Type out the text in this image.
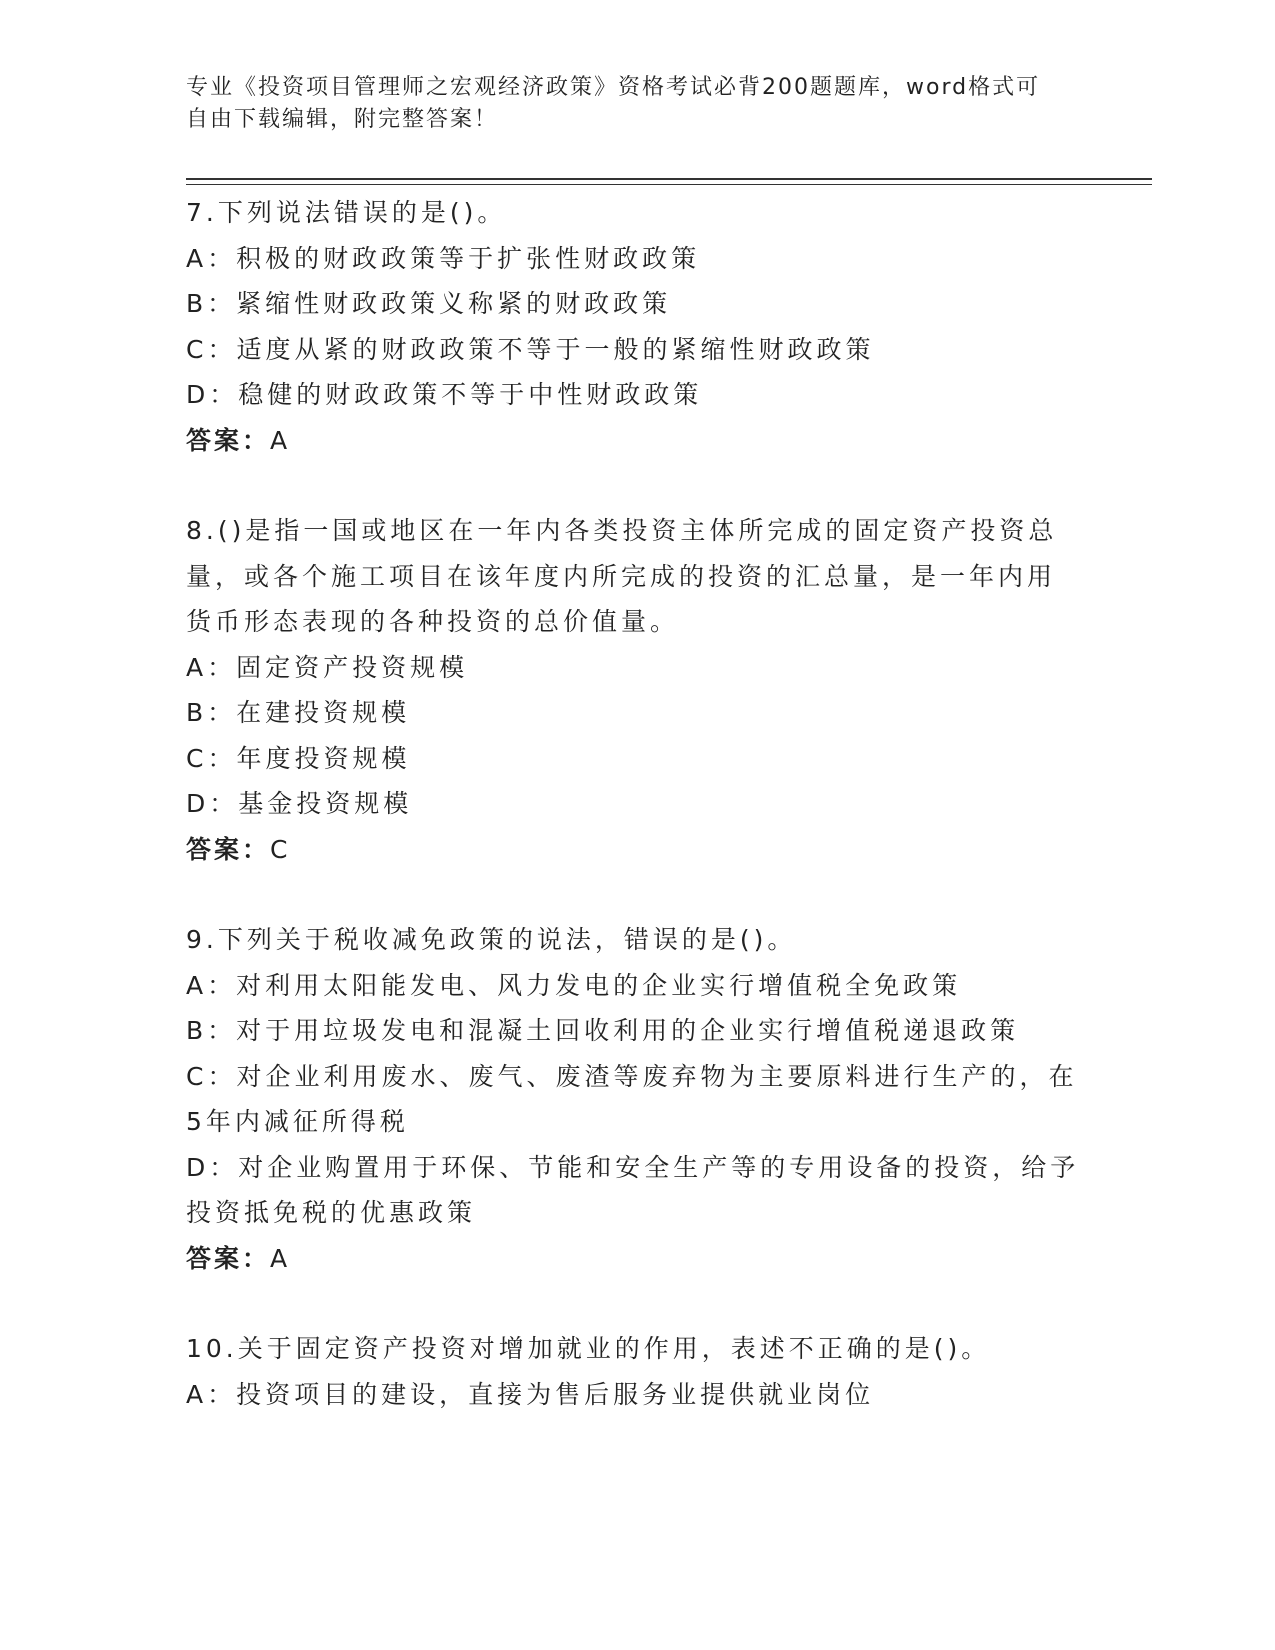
专业《投资项目管理师之宏观经济政策》资格考试必背200题题库，word格式可
自由下载编辑，附完整答案！
7.下列说法错误的是()。
A：积极的财政政策等于扩张性财政政策
B：紧缩性财政政策义称紧的财政政策
C：适度从紧的财政政策不等于一般的紧缩性财政政策
D：稳健的财政政策不等于中性财政政策
答案：A
8.()是指一国或地区在一年内各类投资主体所完成的固定资产投资总
量，或各个施工项目在该年度内所完成的投资的汇总量，是一年内用
货币形态表现的各种投资的总价值量。
A：固定资产投资规模
B：在建投资规模
C：年度投资规模
D：基金投资规模
答案：C
9.下列关于税收减免政策的说法，错误的是()。
A：对利用太阳能发电、风力发电的企业实行增值税全免政策
B：对于用垃圾发电和混凝土回收利用的企业实行增值税递退政策
C：对企业利用废水、废气、废渣等废弃物为主要原料进行生产的，在
5年内减征所得税
D：对企业购置用于环保、节能和安全生产等的专用设备的投资，给予
投资抵免税的优惠政策
答案：A
10.关于固定资产投资对增加就业的作用，表述不正确的是()。
A：投资项目的建设，直接为售后服务业提供就业岗位
